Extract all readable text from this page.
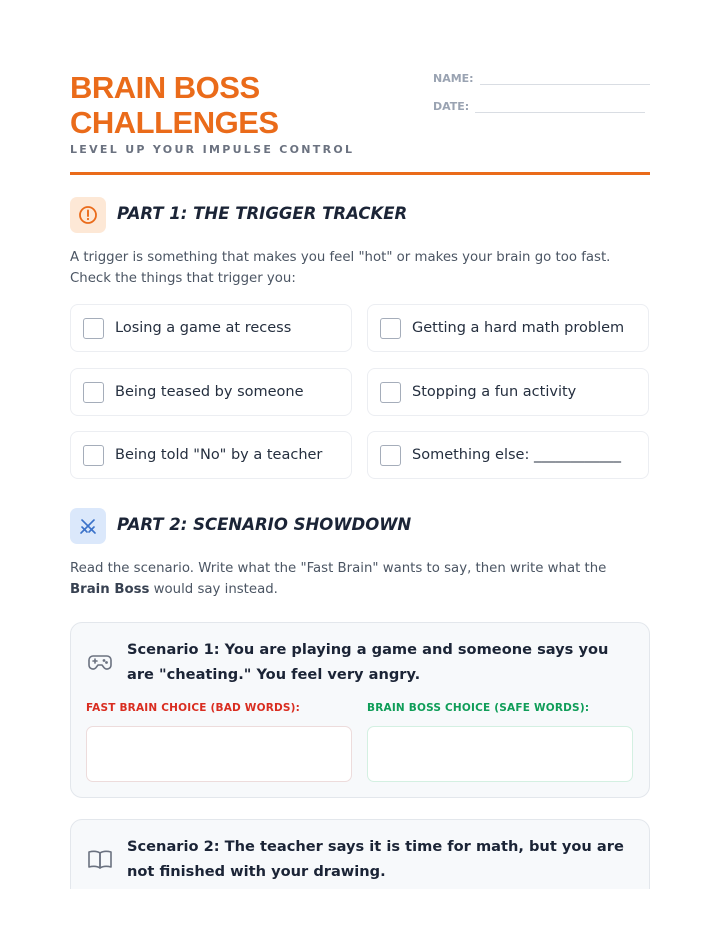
BRAIN BOSS
CHALLENGES
LEVEL UP YOUR IMPULSE CONTROL
NAME:
DATE:
PART 1: THE TRIGGER TRACKER
A trigger is something that makes you feel "hot" or makes your brain go too fast. Check the things that trigger you:
Losing a game at recess	Getting a hard math problem
Being teased by someone	Stopping a fun activity
Being told "No" by a teacher	Something else: ____________
PART 2: SCENARIO SHOWDOWN
Read the scenario. Write what the "Fast Brain" wants to say, then write what the Brain Boss would say instead.
Scenario 1: You are playing a game and someone says you are "cheating." You feel very angry.
FAST BRAIN CHOICE (BAD WORDS):	BRAIN BOSS CHOICE (SAFE WORDS):
Scenario 2: The teacher says it is time for math, but you are not finished with your drawing.
